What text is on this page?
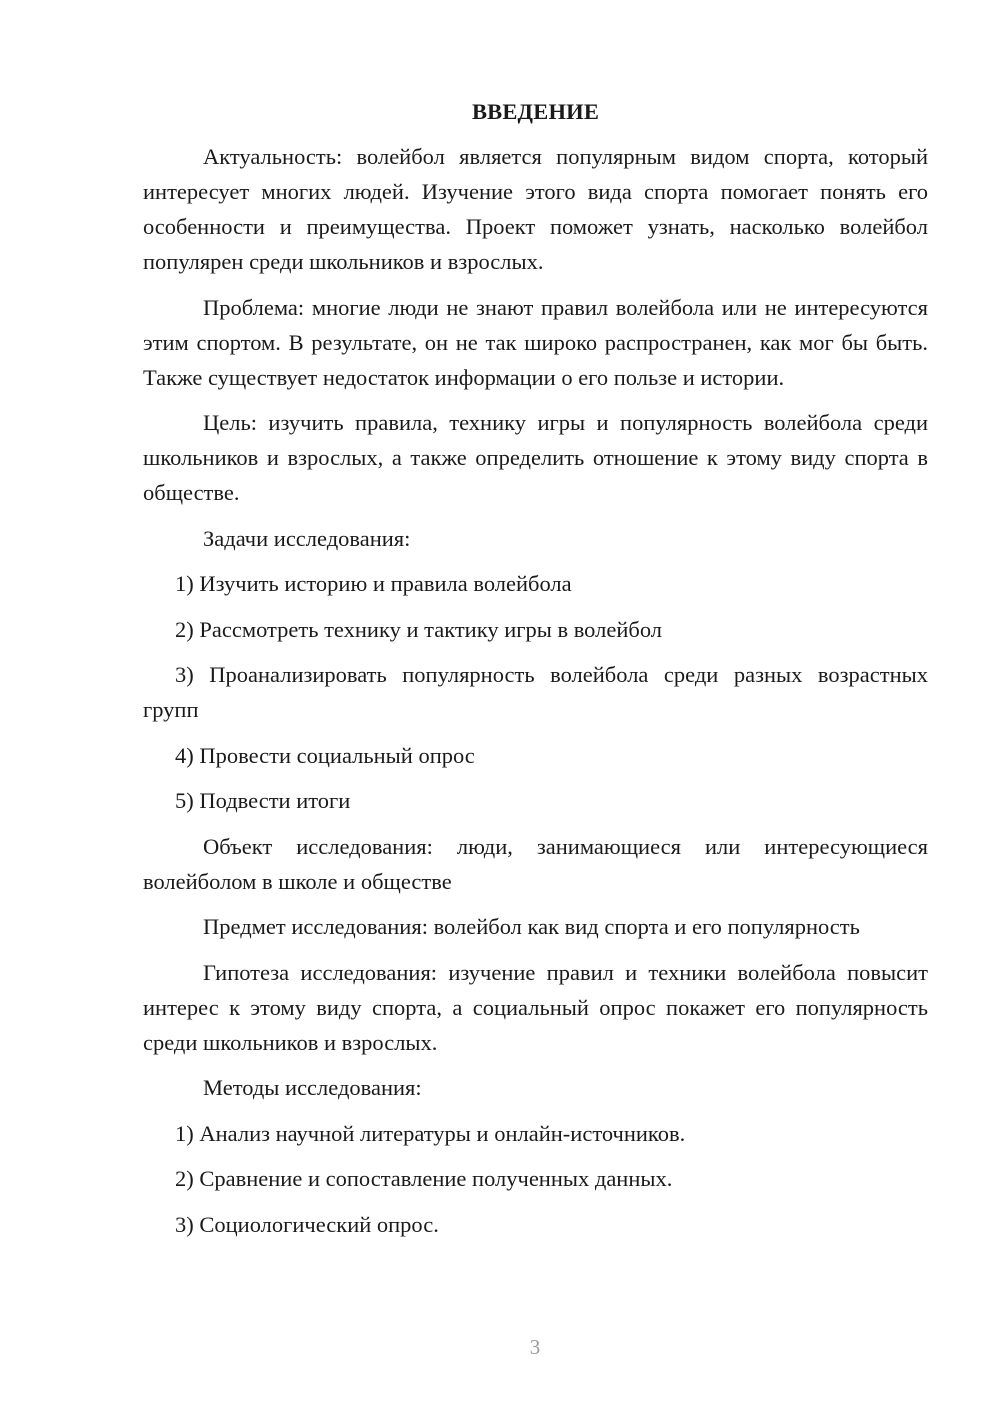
ВВЕДЕНИЕ

Актуальность: волейбол является популярным видом спорта, который интересует многих людей. Изучение этого вида спорта помогает понять его особенности и преимущества. Проект поможет узнать, насколько волейбол популярен среди школьников и взрослых.

Проблема: многие люди не знают правил волейбола или не интересуются этим спортом. В результате, он не так широко распространен, как мог бы быть. Также существует недостаток информации о его пользе и истории.

Цель: изучить правила, технику игры и популярность волейбола среди школьников и взрослых, а также определить отношение к этому виду спорта в обществе.

Задачи исследования:

1) Изучить историю и правила волейбола

2) Рассмотреть технику и тактику игры в волейбол

3) Проанализировать популярность волейбола среди разных возрастных групп

4) Провести социальный опрос

5) Подвести итоги

Объект исследования: люди, занимающиеся или интересующиеся волейболом в школе и обществе

Предмет исследования: волейбол как вид спорта и его популярность

Гипотеза исследования: изучение правил и техники волейбола повысит интерес к этому виду спорта, а социальный опрос покажет его популярность среди школьников и взрослых.

Методы исследования:

1) Анализ научной литературы и онлайн-источников.

2) Сравнение и сопоставление полученных данных.

3) Социологический опрос.

3
